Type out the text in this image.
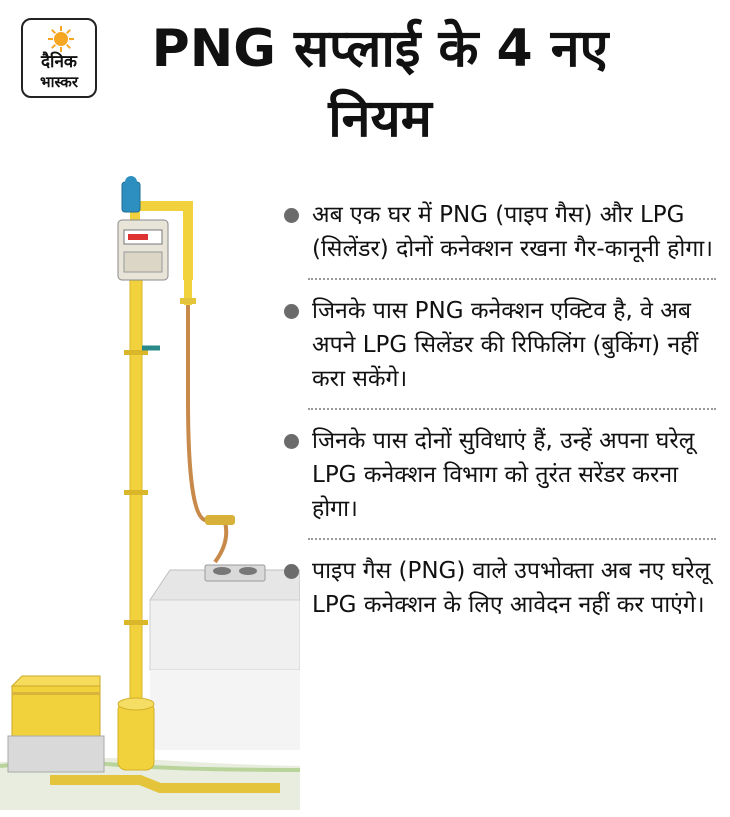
दैनिक
भास्कर
PNG सप्लाई के 4 नए नियम
अब एक घर में PNG (पाइप गैस) और LPG (सिलेंडर) दोनों कनेक्शन रखना गैर-कानूनी होगा।
जिनके पास PNG कनेक्शन एक्टिव है, वे अब अपने LPG सिलेंडर की रिफिलिंग (बुकिंग) नहीं करा सकेंगे।
जिनके पास दोनों सुविधाएं हैं, उन्हें अपना घरेलू LPG कनेक्शन विभाग को तुरंत सरेंडर करना होगा।
पाइप गैस (PNG) वाले उपभोक्ता अब नए घरेलू LPG कनेक्शन के लिए आवेदन नहीं कर पाएंगे।
